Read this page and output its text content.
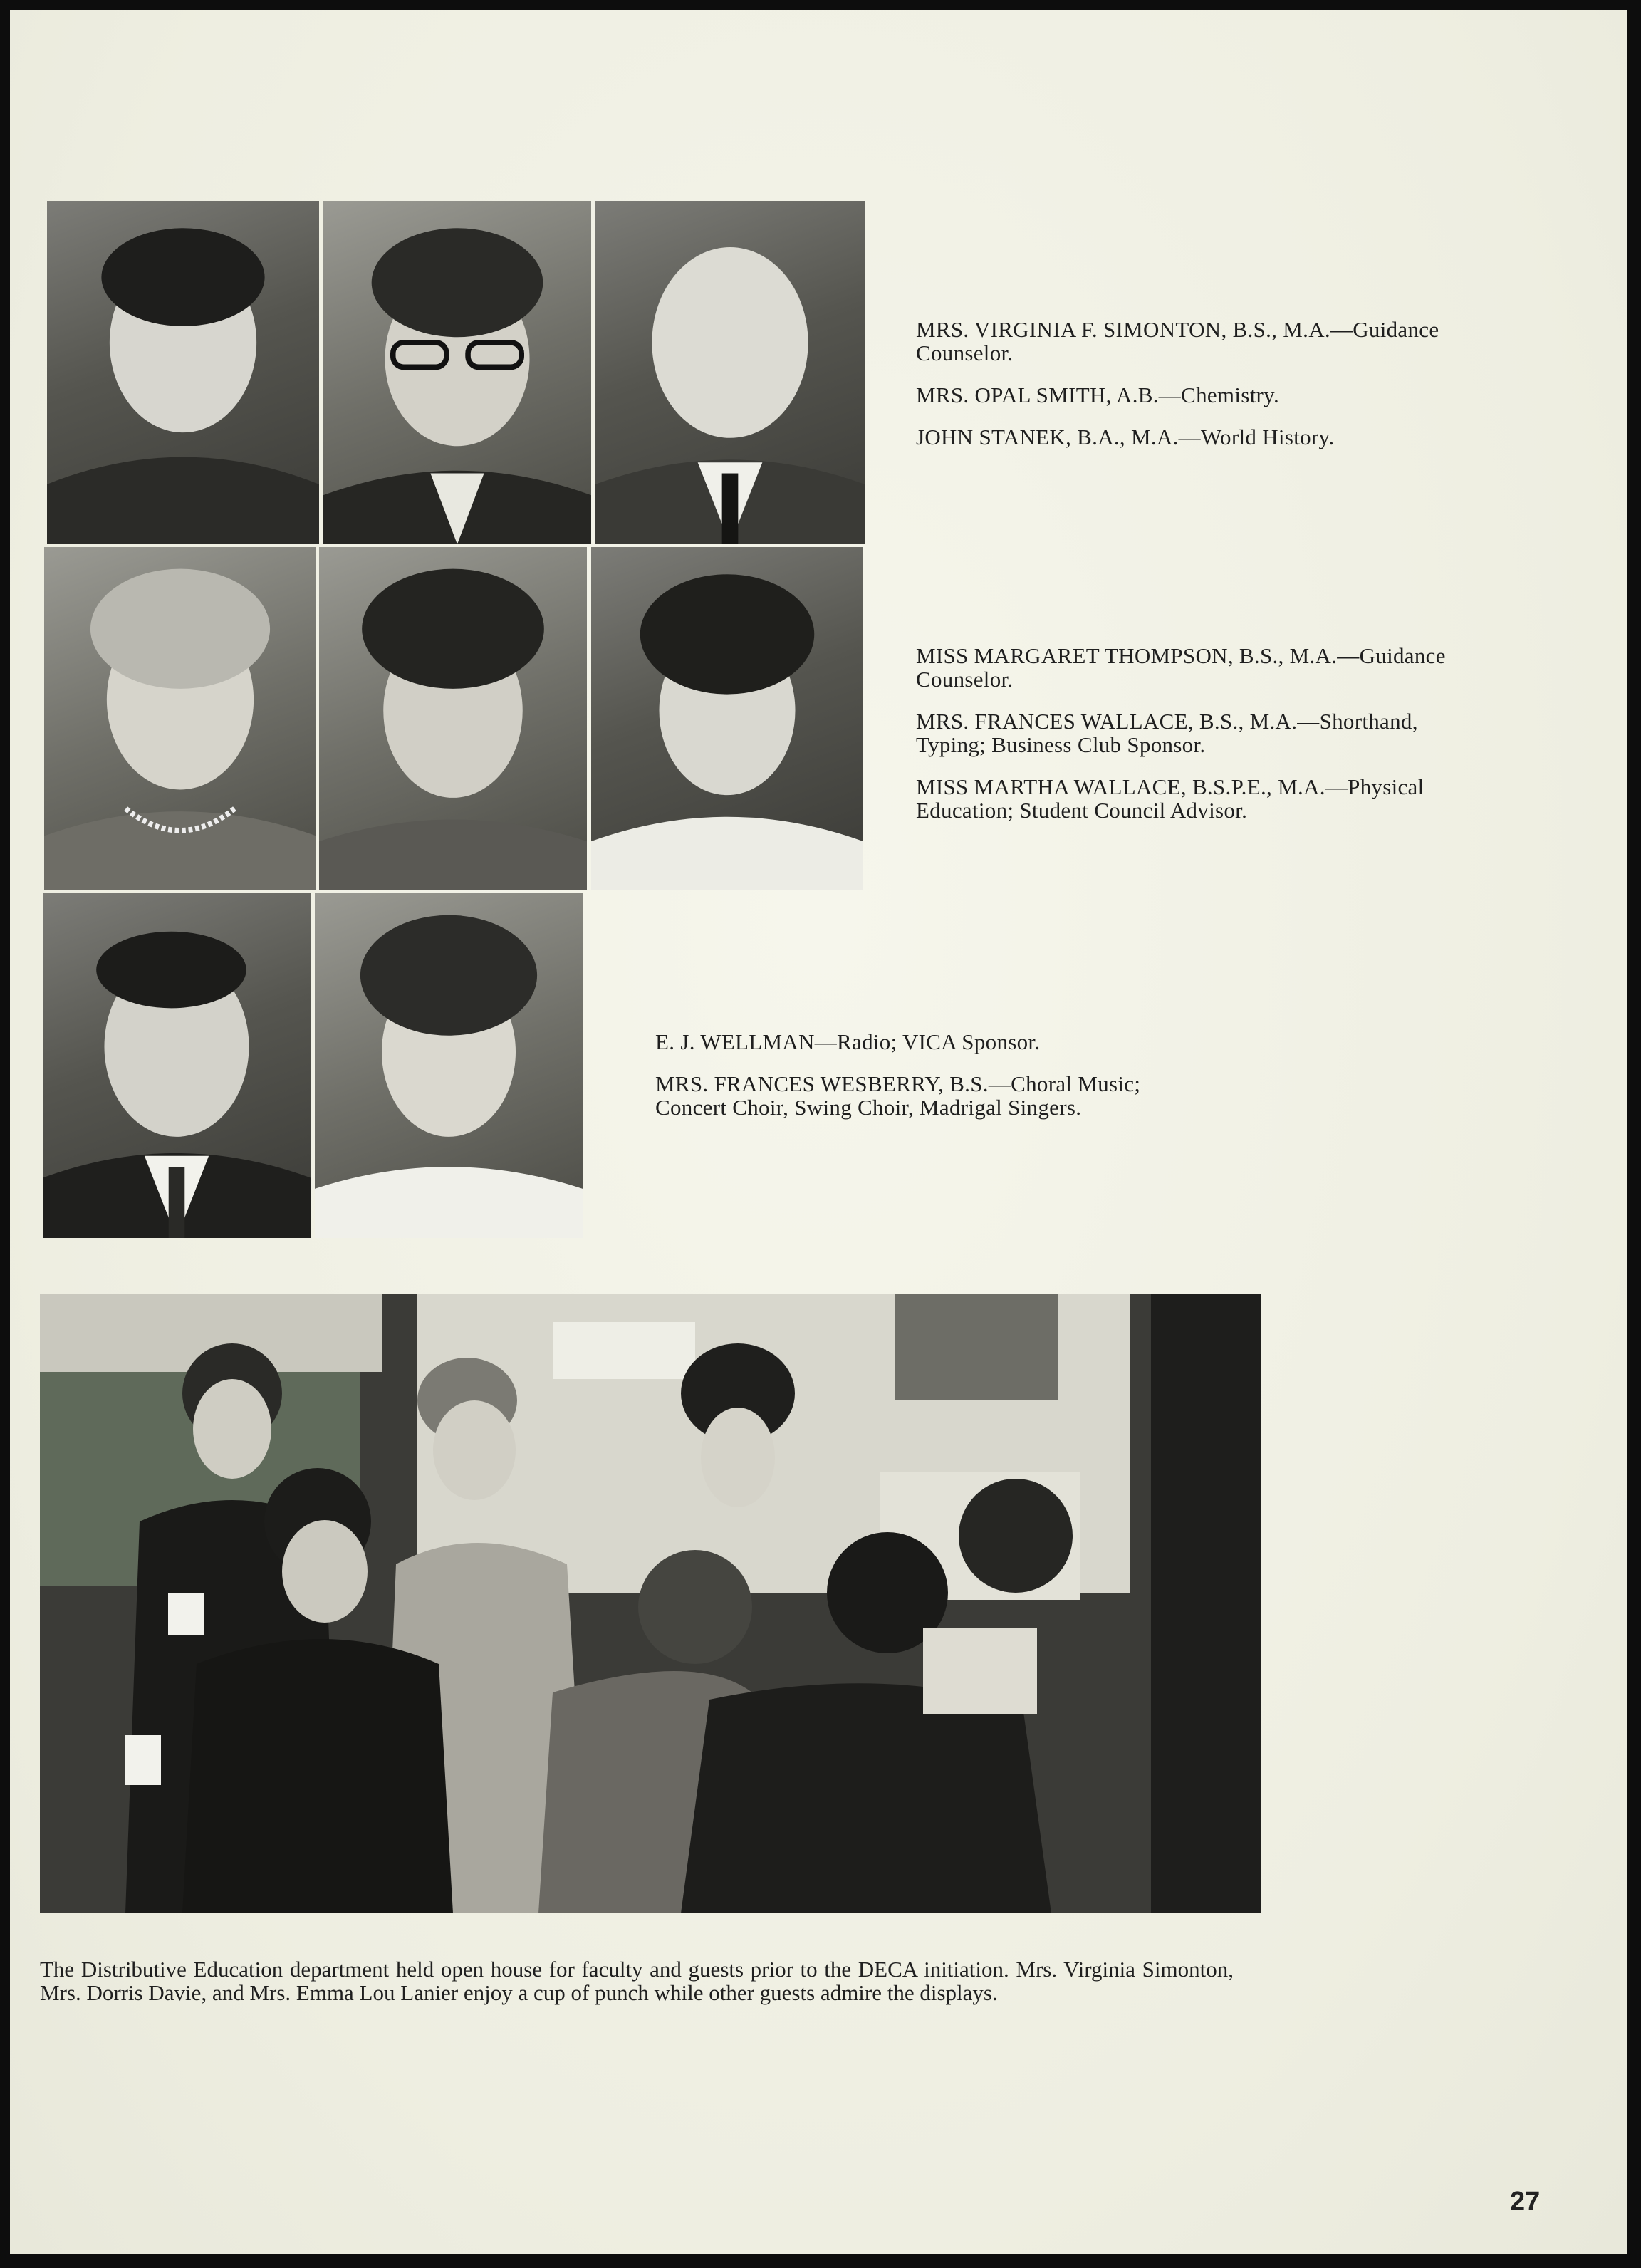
MRS. VIRGINIA F. SIMONTON, B.S., M.A.—Guidance Counselor.

MRS. OPAL SMITH, A.B.—Chemistry.

JOHN STANEK, B.A., M.A.—World History.

MISS MARGARET THOMPSON, B.S., M.A.—Guidance Counselor.

MRS. FRANCES WALLACE, B.S., M.A.—Shorthand, Typing; Business Club Sponsor.

MISS MARTHA WALLACE, B.S.P.E., M.A.—Physical Education; Student Council Advisor.

E. J. WELLMAN—Radio; VICA Sponsor.

MRS. FRANCES WESBERRY, B.S.—Choral Music; Concert Choir, Swing Choir, Madrigal Singers.

The Distributive Education department held open house for faculty and guests prior to the DECA initiation. Mrs. Virginia Simonton, Mrs. Dorris Davie, and Mrs. Emma Lou Lanier enjoy a cup of punch while other guests admire the displays.
27
